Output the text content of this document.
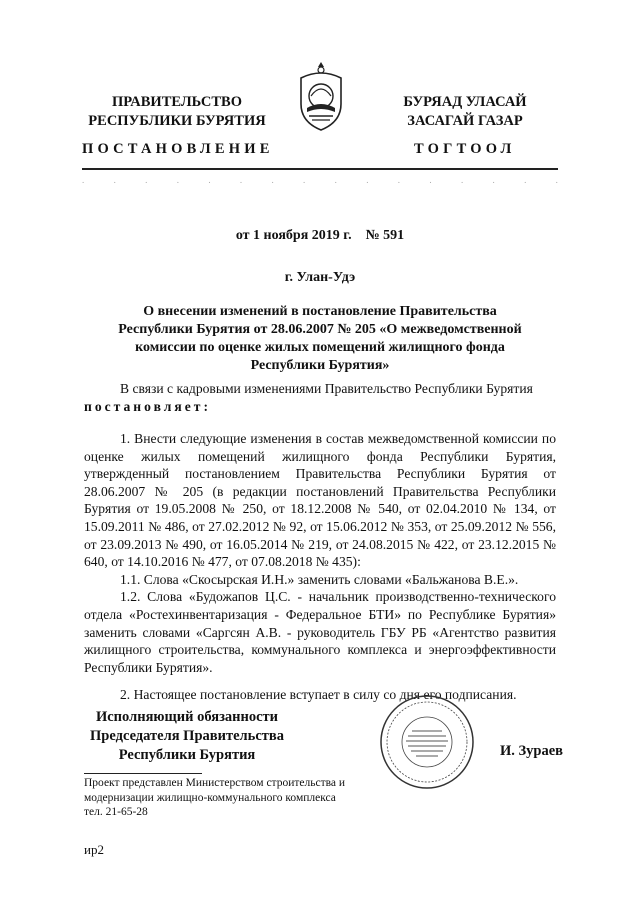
ПРАВИТЕЛЬСТВО
РЕСПУБЛИКИ БУРЯТИЯ
БУРЯАД УЛАСАЙ
ЗАСАГАЙ ГАЗАР
ПОСТАНОВЛЕНИЕ	ТОГТООЛ
.	.	.	.	.	.	.	.	.	.	.	.	.	.	.	.
от 1 ноября 2019 г.    № 591
г. Улан-Удэ
О внесении изменений в постановление Правительства
Республики Бурятия от 28.06.2007 № 205 «О межведомственной
комиссии по оценке жилых помещений жилищного фонда
Республики Бурятия»

В связи с кадровыми изменениями Правительство Республики Бурятия

постановляет:

1. Внести следующие изменения в состав межведомственной комиссии по оценке жилых помещений жилищного фонда Республики Бурятия, утвержденный постановлением Правительства Республики Бурятия от 28.06.2007 № 205 (в редакции постановлений Правительства Республики Бурятия от 19.05.2008 № 250, от 18.12.2008 № 540, от 02.04.2010 № 134, от 15.09.2011 № 486, от 27.02.2012 № 92, от 15.06.2012 № 353, от 25.09.2012 № 556, от 23.09.2013 № 490, от 16.05.2014 № 219, от 24.08.2015 № 422, от 23.12.2015 № 640, от 14.10.2016 № 477, от 07.08.2018 № 435):

1.1. Слова «Скосырская И.Н.» заменить словами «Бальжанова В.Е.».

1.2. Слова «Будожапов Ц.С. - начальник производственно-технического отдела «Ростехинвентаризация - Федеральное БТИ» по Республике Бурятия» заменить словами «Саргсян А.В. - руководитель ГБУ РБ «Агентство развития жилищного строительства, коммунального комплекса и энергоэффективности Республики Бурятия».

2. Настоящее постановление вступает в силу со дня его подписания.

Исполняющий обязанности
Председателя Правительства
Республики Бурятия	И. Зураев
Проект представлен Министерством строительства и
модернизации жилищно-коммунального комплекса
тел. 21-65-28
ир2
